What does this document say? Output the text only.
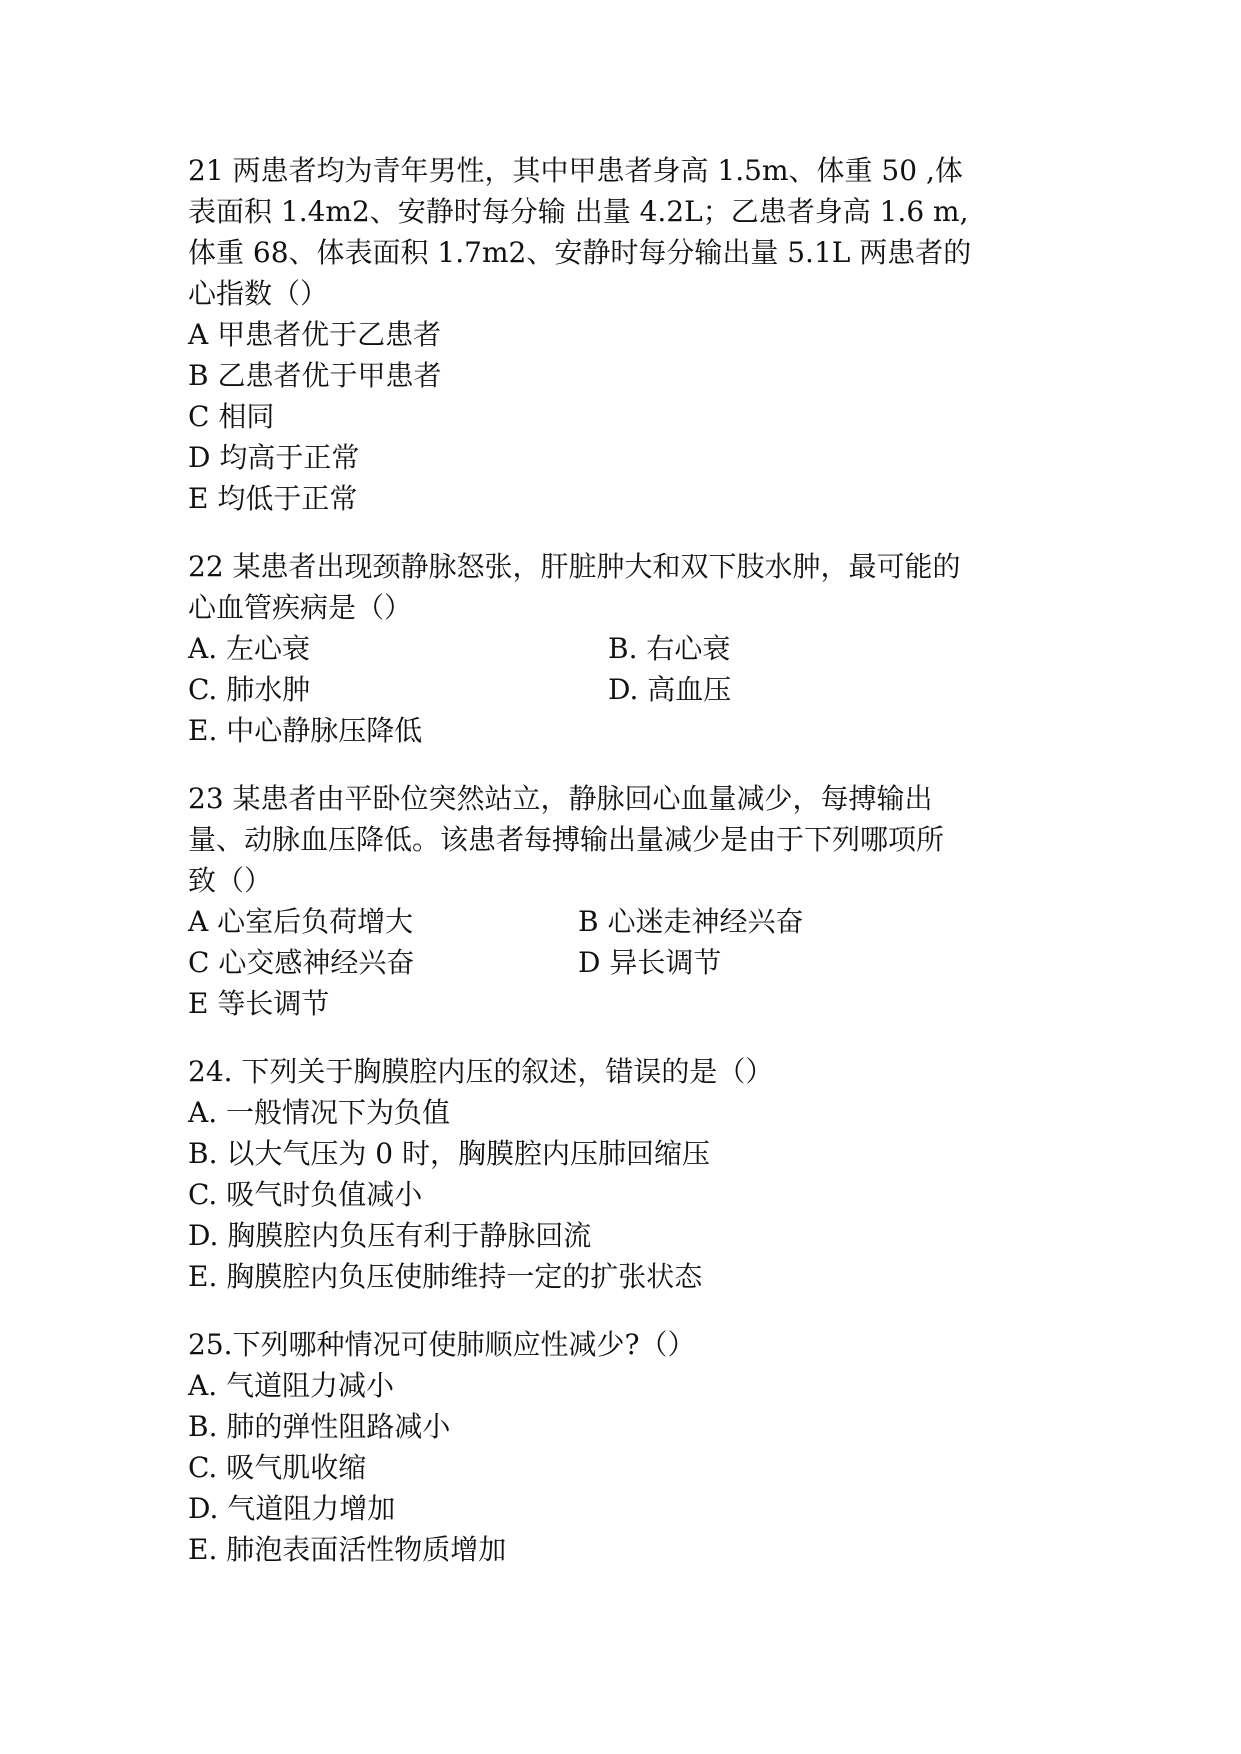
21 两患者均为青年男性，其中甲患者身高 1.5m、体重 50 ,体
表面积 1.4m2、安静时每分输 出量 4.2L；乙患者身高 1.6 m,
体重 68、体表面积 1.7m2、安静时每分输出量 5.1L 两患者的
心指数（）
A 甲患者优于乙患者
B 乙患者优于甲患者
C 相同
D 均高于正常
E 均低于正常
22 某患者出现颈静脉怒张，肝脏肿大和双下肢水肿，最可能的
心血管疾病是（）
A. 左心衰	B. 右心衰
C. 肺水肿	D. 高血压
E. 中心静脉压降低
23 某患者由平卧位突然站立，静脉回心血量减少，每搏输出
量、动脉血压降低。该患者每搏输出量减少是由于下列哪项所
致（）
A 心室后负荷增大	B 心迷走神经兴奋
C 心交感神经兴奋	D 异长调节
E 等长调节
24. 下列关于胸膜腔内压的叙述，错误的是（）
A. 一般情况下为负值
B. 以大气压为 0 时，胸膜腔内压肺回缩压
C. 吸气时负值减小
D. 胸膜腔内负压有利于静脉回流
E. 胸膜腔内负压使肺维持一定的扩张状态
25.下列哪种情况可使肺顺应性减少?（）
A. 气道阻力减小
B. 肺的弹性阻路减小
C. 吸气肌收缩
D. 气道阻力增加
E. 肺泡表面活性物质增加
